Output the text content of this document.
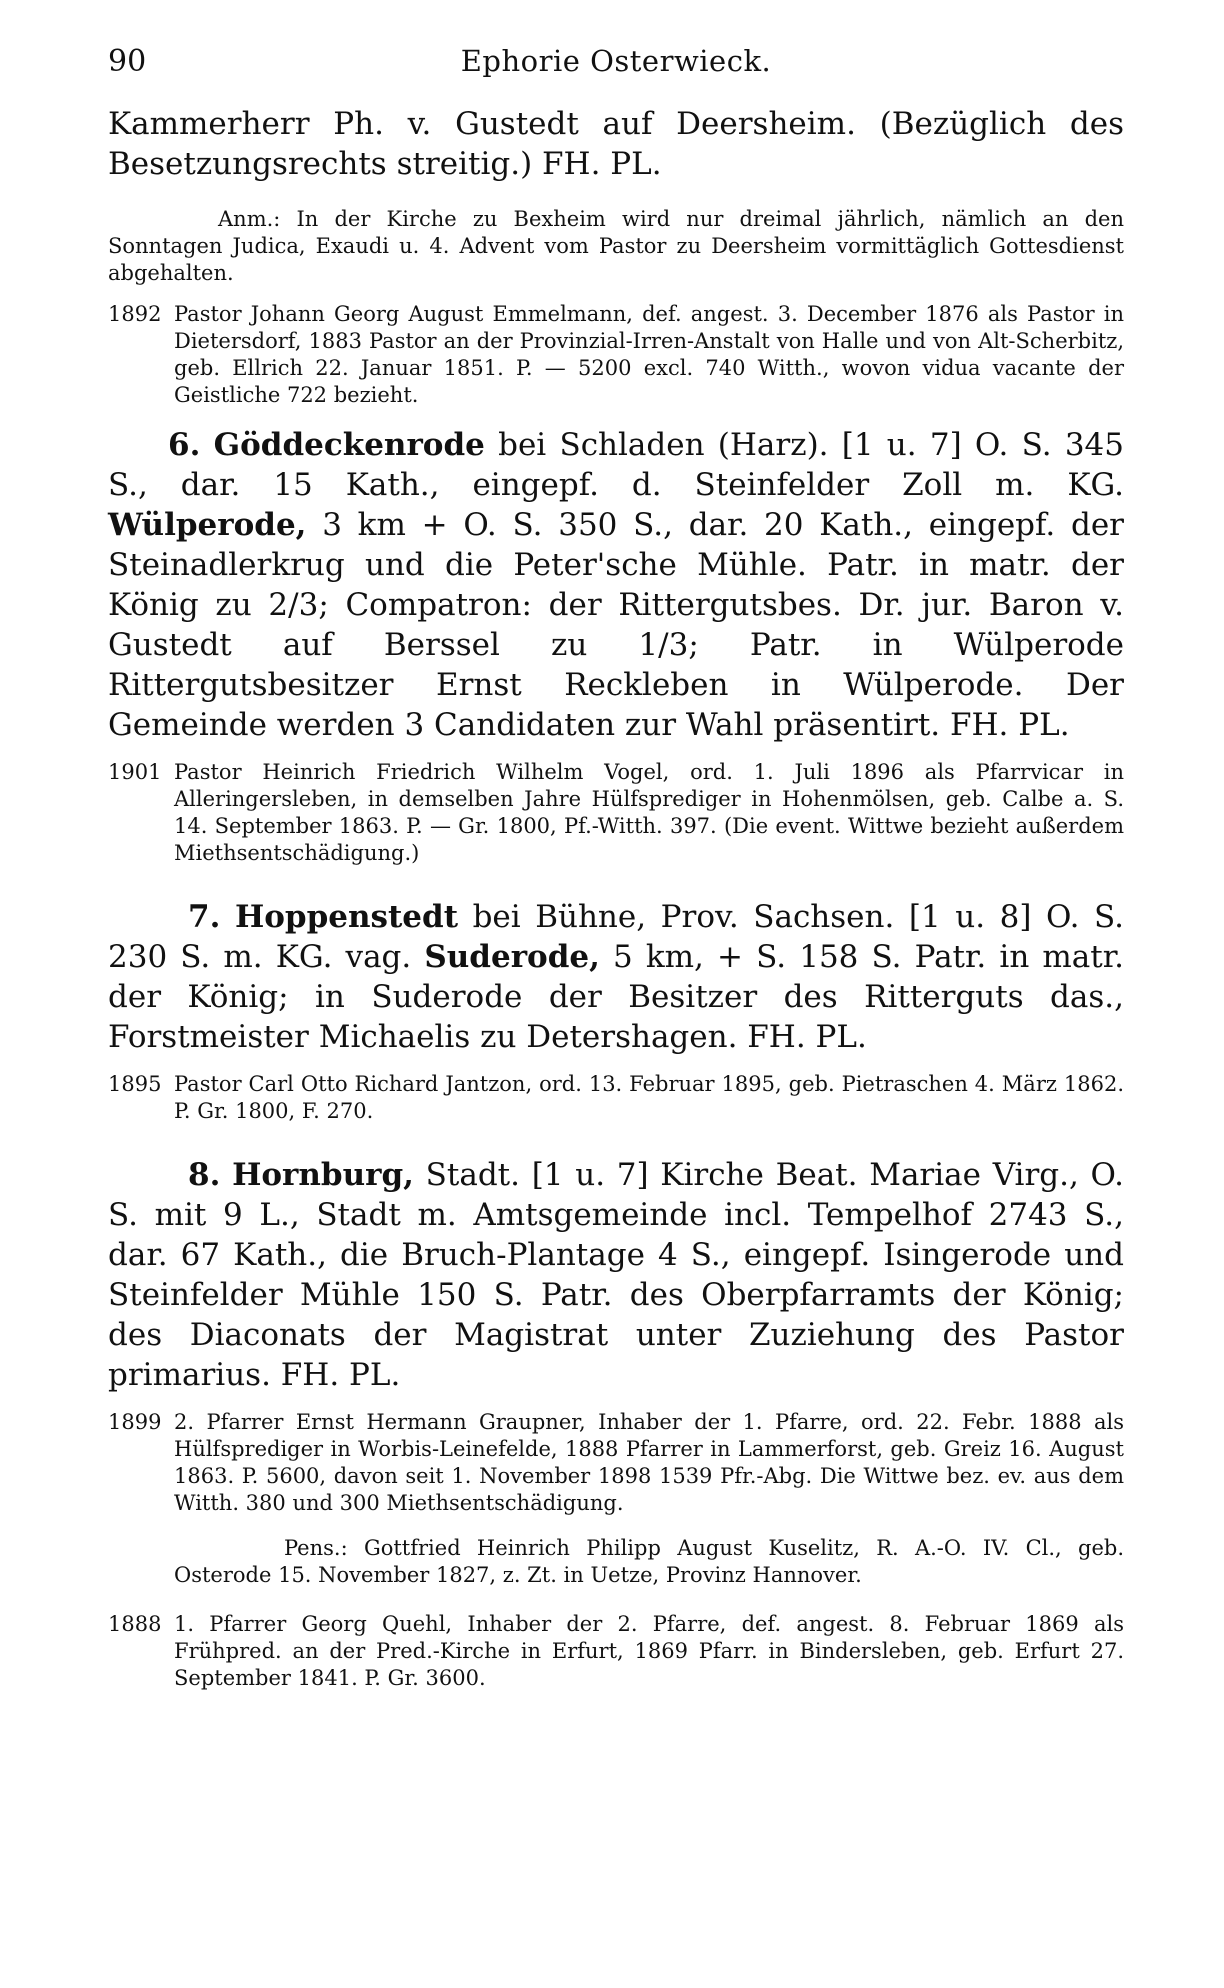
90	Ephorie Osterwieck.

Kammerherr Ph. v. Gustedt auf Deersheim. (Bezüglich des Besetzungsrechts streitig.) FH. PL.

Anm.: In der Kirche zu Bexheim wird nur dreimal jährlich, nämlich an den Sonntagen Judica, Exaudi u. 4. Advent vom Pastor zu Deersheim vormittäglich Gottesdienst abgehalten.

1892 Pastor Johann Georg August Emmelmann, def. angest. 3. December 1876 als Pastor in Dietersdorf, 1883 Pastor an der Provinzial-Irren-Anstalt von Halle und von Alt-Scherbitz, geb. Ellrich 22. Januar 1851. P. — 5200 excl. 740 Witth., wovon vidua vacante der Geistliche 722 bezieht.

6. Göddeckenrode bei Schladen (Harz). [1 u. 7] O. S. 345 S., dar. 15 Kath., eingepf. d. Steinfelder Zoll m. KG. Wülperode, 3 km + O. S. 350 S., dar. 20 Kath., eingepf. der Steinadlerkrug und die Peter'sche Mühle. Patr. in matr. der König zu 2/3; Compatron: der Rittergutsbes. Dr. jur. Baron v. Gustedt auf Berssel zu 1/3; Patr. in Wülperode Rittergutsbesitzer Ernst Reckleben in Wülperode. Der Gemeinde werden 3 Candidaten zur Wahl präsentirt. FH. PL.

1901 Pastor Heinrich Friedrich Wilhelm Vogel, ord. 1. Juli 1896 als Pfarrvicar in Alleringersleben, in demselben Jahre Hülfsprediger in Hohenmölsen, geb. Calbe a. S. 14. September 1863. P. — Gr. 1800, Pf.-Witth. 397. (Die event. Wittwe bezieht außerdem Miethsentschädigung.)

7. Hoppenstedt bei Bühne, Prov. Sachsen. [1 u. 8] O. S. 230 S. m. KG. vag. Suderode, 5 km, + S. 158 S. Patr. in matr. der König; in Suderode der Besitzer des Ritterguts das., Forstmeister Michaelis zu Detershagen. FH. PL.

1895 Pastor Carl Otto Richard Jantzon, ord. 13. Februar 1895, geb. Pietraschen 4. März 1862. P. Gr. 1800, F. 270.

8. Hornburg, Stadt. [1 u. 7] Kirche Beat. Mariae Virg., O. S. mit 9 L., Stadt m. Amtsgemeinde incl. Tempelhof 2743 S., dar. 67 Kath., die Bruch-Plantage 4 S., eingepf. Isingerode und Steinfelder Mühle 150 S. Patr. des Oberpfarramts der König; des Diaconats der Magistrat unter Zuziehung des Pastor primarius. FH. PL.

1899 2. Pfarrer Ernst Hermann Graupner, Inhaber der 1. Pfarre, ord. 22. Febr. 1888 als Hülfsprediger in Worbis-Leinefelde, 1888 Pfarrer in Lammerforst, geb. Greiz 16. August 1863. P. 5600, davon seit 1. November 1898 1539 Pfr.-Abg. Die Wittwe bez. ev. aus dem Witth. 380 und 300 Miethsentschädigung.

Pens.: Gottfried Heinrich Philipp August Kuselitz, R. A.-O. IV. Cl., geb. Osterode 15. November 1827, z. Zt. in Uetze, Provinz Hannover.

1888 1. Pfarrer Georg Quehl, Inhaber der 2. Pfarre, def. angest. 8. Februar 1869 als Frühpred. an der Pred.-Kirche in Erfurt, 1869 Pfarr. in Bindersleben, geb. Erfurt 27. September 1841. P. Gr. 3600.
